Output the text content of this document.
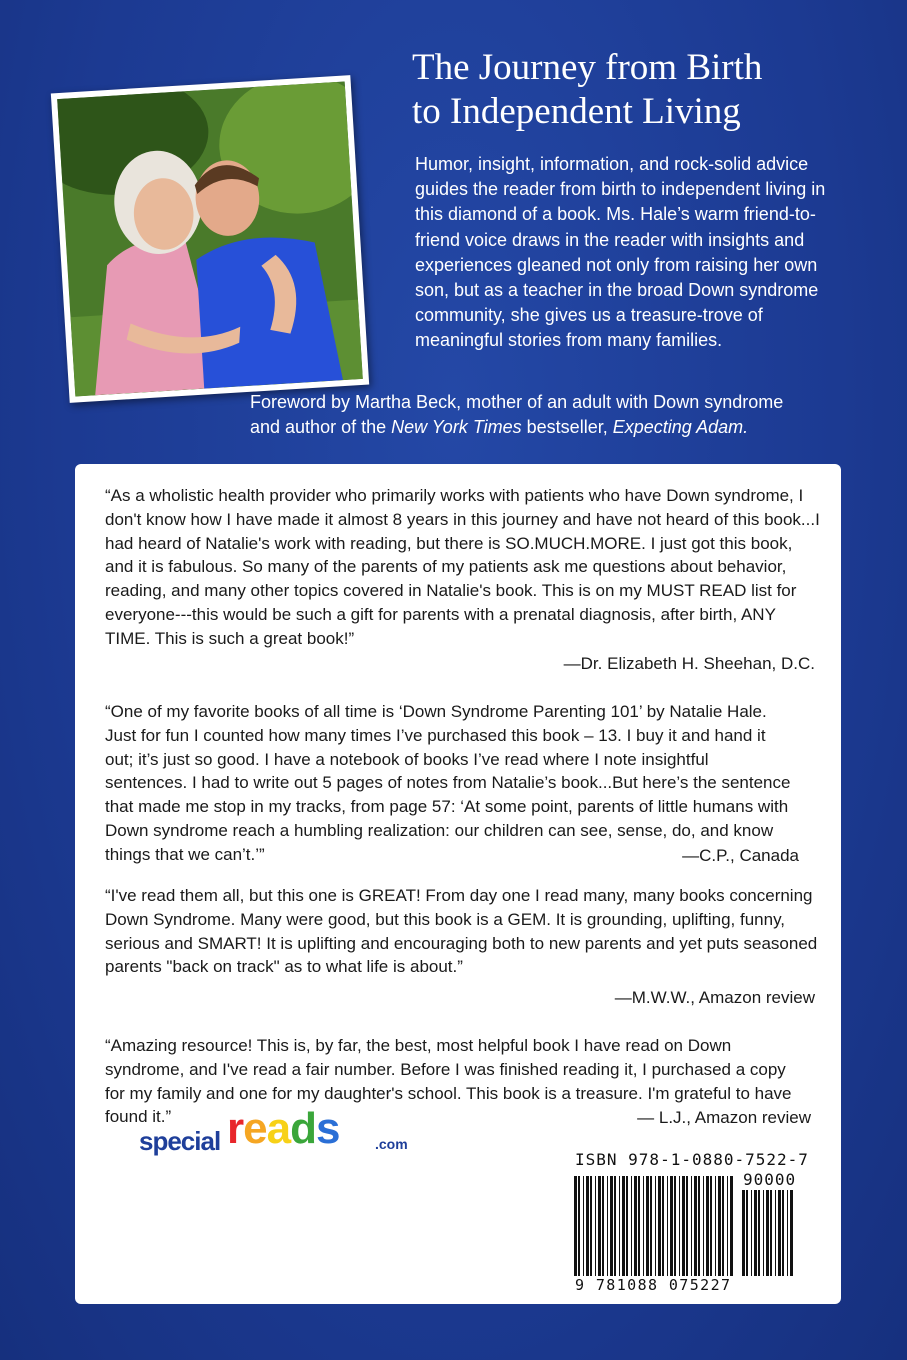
The Journey from Birth
to Independent Living

Humor, insight, information, and rock-solid advice guides the reader from birth to independent living in this diamond of a book. Ms. Hale’s warm friend-to-friend voice draws in the reader with insights and experiences gleaned not only from raising her own son, but as a teacher in the broad Down syndrome community, she gives us a treasure-trove of meaningful stories from many families.

Foreword by Martha Beck, mother of an adult with Down syndrome
and author of the New York Times bestseller, Expecting Adam.

“As a wholistic health provider who primarily works with patients who have Down syndrome, I don't know how I have made it almost 8 years in this journey and have not heard of this book...I had heard of Natalie's work with reading, but there is SO.MUCH.MORE. I just got this book, and it is fabulous. So many of the parents of my patients ask me questions about behavior, reading, and many other topics covered in Natalie's book. This is on my MUST READ list for everyone---this would be such a gift for parents with a prenatal diagnosis, after birth, ANY TIME. This is such a great book!”

—Dr. Elizabeth H. Sheehan, D.C.

“One of my favorite books of all time is ‘Down Syndrome Parenting 101’ by Natalie Hale. Just for fun I counted how many times I’ve purchased this book – 13. I buy it and hand it out; it’s just so good. I have a notebook of books I’ve read where I note insightful sentences. I had to write out 5 pages of notes from Natalie’s book...But here’s the sentence that made me stop in my tracks, from page 57: ‘At some point, parents of little humans with Down syndrome reach a humbling realization: our children can see, sense, do, and know things that we can’t.’”	—C.P., Canada

“I've read them all, but this one is GREAT! From day one I read many, many books concerning Down Syndrome. Many were good, but this book is a GEM. It is grounding, uplifting, funny, serious and SMART! It is uplifting and encouraging both to new parents and yet puts seasoned parents "back on track" as to what life is about.”

—M.W.W., Amazon review

“Amazing resource! This is, by far, the best, most helpful book I have read on Down syndrome, and I've read a fair number. Before I was finished reading it, I purchased a copy for my family and one for my daughter's school. This book is a treasure. I'm grateful to have found it.”	— L.J., Amazon review

special reads	.com
ISBN 978-1-0880-7522-7
90000
9 781088 075227
